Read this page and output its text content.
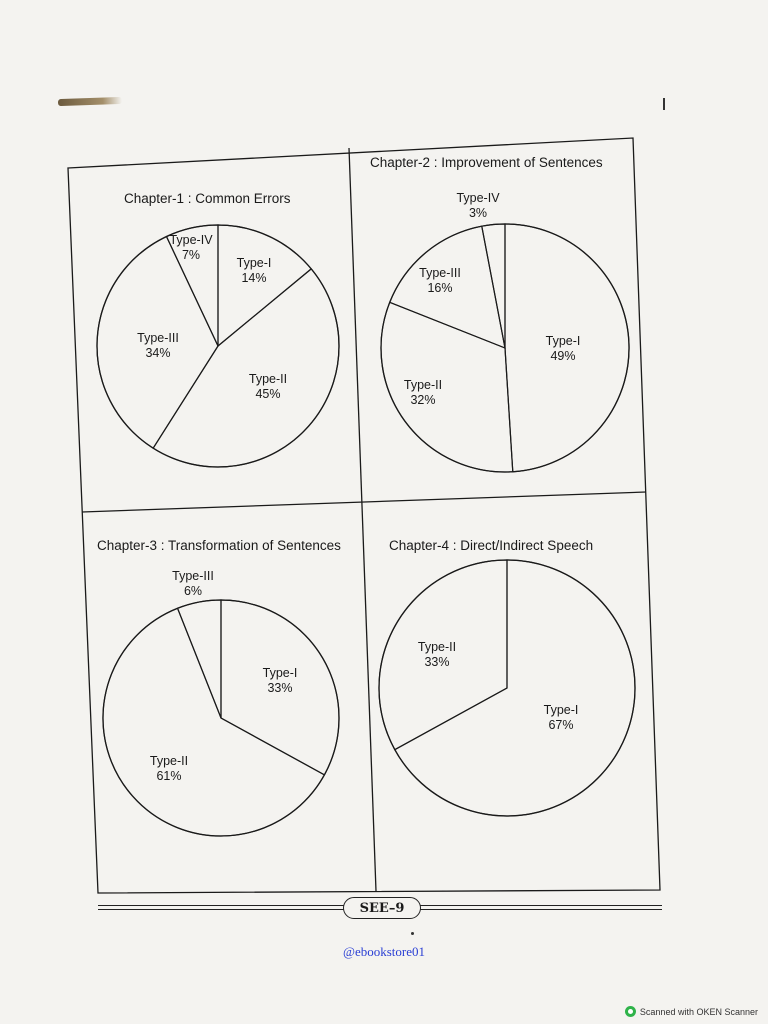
Chapter-1 : Common Errors
Chapter-2 : Improvement of Sentences
Chapter-3 : Transformation of Sentences	Chapter-4 : Direct/Indirect Speech
Type-I
14%
Type-II
45%
Type-III
34%
Type-IV
7%
Type-I
49%
Type-II
32%
Type-III
16%
Type-IV
3%
Type-I
33%
Type-II
61%
Type-III
6%
Type-I
67%
Type-II
33%
SEE–9
@ebookstore01
Scanned with OKEN Scanner
